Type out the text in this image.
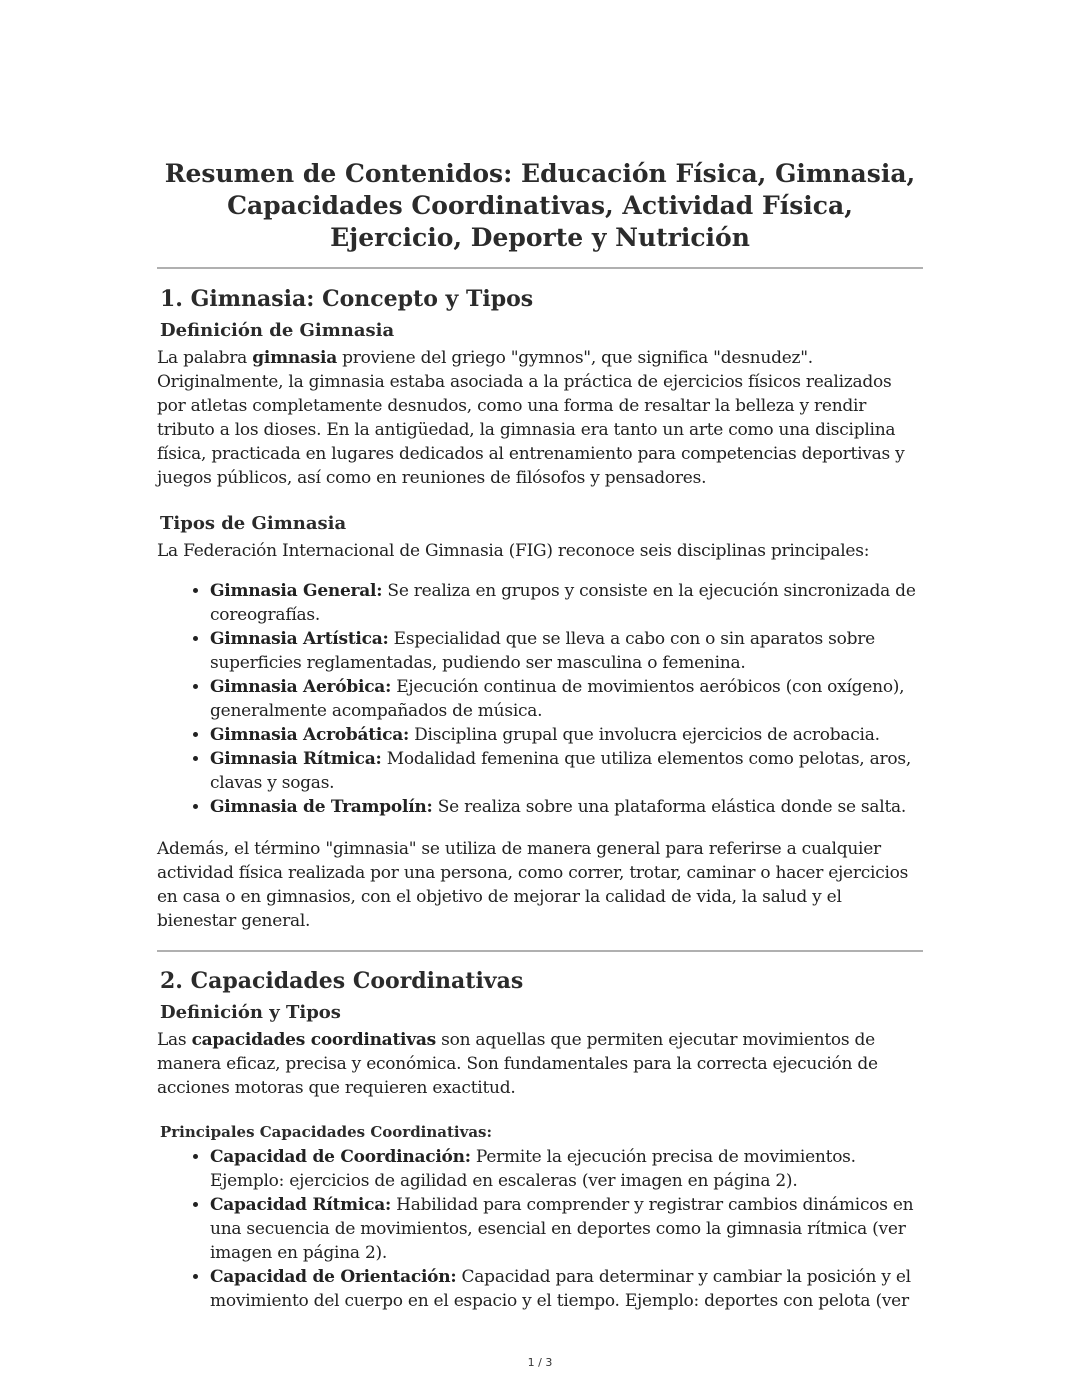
Resumen de Contenidos: Educación Física, Gimnasia, Capacidades Coordinativas, Actividad Física, Ejercicio, Deporte y Nutrición
1. Gimnasia: Concepto y Tipos
Definición de Gimnasia

La palabra gimnasia proviene del griego "gymnos", que significa "desnudez". Originalmente, la gimnasia estaba asociada a la práctica de ejercicios físicos realizados por atletas completamente desnudos, como una forma de resaltar la belleza y rendir tributo a los dioses. En la antigüedad, la gimnasia era tanto un arte como una disciplina física, practicada en lugares dedicados al entrenamiento para competencias deportivas y juegos públicos, así como en reuniones de filósofos y pensadores.

Tipos de Gimnasia

La Federación Internacional de Gimnasia (FIG) reconoce seis disciplinas principales:

• Gimnasia General: Se realiza en grupos y consiste en la ejecución sincronizada de coreografías.
• Gimnasia Artística: Especialidad que se lleva a cabo con o sin aparatos sobre superficies reglamentadas, pudiendo ser masculina o femenina.
• Gimnasia Aeróbica: Ejecución continua de movimientos aeróbicos (con oxígeno), generalmente acompañados de música.
• Gimnasia Acrobática: Disciplina grupal que involucra ejercicios de acrobacia.
• Gimnasia Rítmica: Modalidad femenina que utiliza elementos como pelotas, aros, clavas y sogas.
• Gimnasia de Trampolín: Se realiza sobre una plataforma elástica donde se salta.

Además, el término "gimnasia" se utiliza de manera general para referirse a cualquier actividad física realizada por una persona, como correr, trotar, caminar o hacer ejercicios en casa o en gimnasios, con el objetivo de mejorar la calidad de vida, la salud y el bienestar general.

2. Capacidades Coordinativas
Definición y Tipos

Las capacidades coordinativas son aquellas que permiten ejecutar movimientos de manera eficaz, precisa y económica. Son fundamentales para la correcta ejecución de acciones motoras que requieren exactitud.

Principales Capacidades Coordinativas:
• Capacidad de Coordinación: Permite la ejecución precisa de movimientos. Ejemplo: ejercicios de agilidad en escaleras (ver imagen en página 2).
• Capacidad Rítmica: Habilidad para comprender y registrar cambios dinámicos en una secuencia de movimientos, esencial en deportes como la gimnasia rítmica (ver imagen en página 2).
• Capacidad de Orientación: Capacidad para determinar y cambiar la posición y el movimiento del cuerpo en el espacio y el tiempo. Ejemplo: deportes con pelota (ver
1 / 3
